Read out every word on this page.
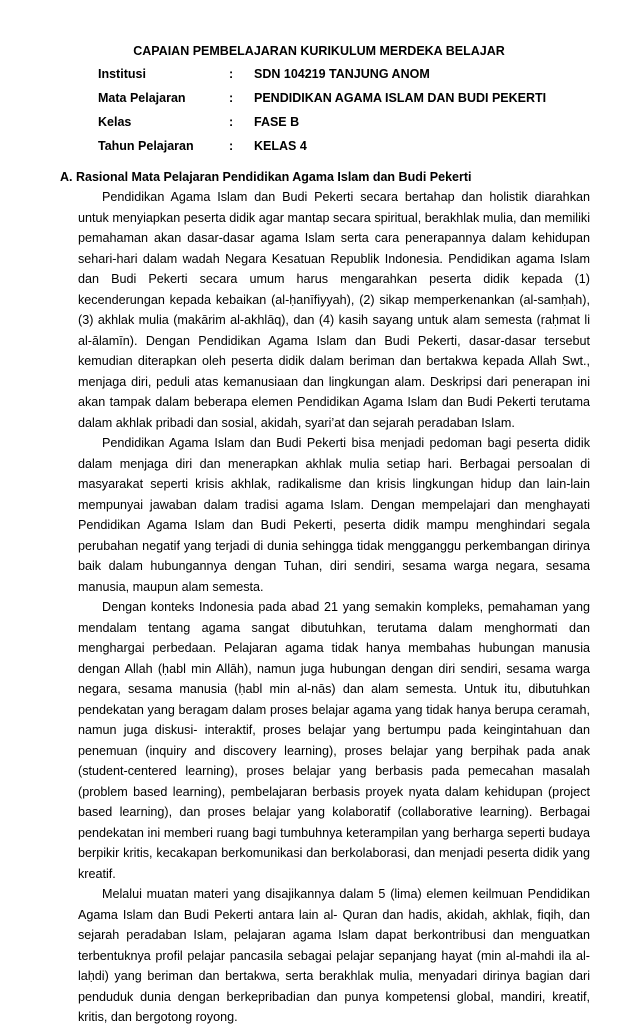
CAPAIAN PEMBELAJARAN KURIKULUM MERDEKA BELAJAR
Institusi	: SDN 104219 TANJUNG ANOM
Mata Pelajaran	: PENDIDIKAN AGAMA ISLAM DAN BUDI PEKERTI
Kelas	: FASE B
Tahun Pelajaran	: KELAS 4
A. Rasional Mata Pelajaran Pendidikan Agama Islam dan Budi Pekerti

Pendidikan Agama Islam dan Budi Pekerti secara bertahap dan holistik diarahkan untuk menyiapkan peserta didik agar mantap secara spiritual, berakhlak mulia, dan memiliki pemahaman akan dasar-dasar agama Islam serta cara penerapannya dalam kehidupan sehari-hari dalam wadah Negara Kesatuan Republik Indonesia. Pendidikan agama Islam dan Budi Pekerti secara umum harus mengarahkan peserta didik kepada (1) kecenderungan kepada kebaikan (al-ḥanīfiyyah), (2) sikap memperkenankan (al-samḥah), (3) akhlak mulia (makārim al-akhlāq), dan (4) kasih sayang untuk alam semesta (raḥmat li al-ālamīn). Dengan Pendidikan Agama Islam dan Budi Pekerti, dasar-dasar tersebut kemudian diterapkan oleh peserta didik dalam beriman dan bertakwa kepada Allah Swt., menjaga diri, peduli atas kemanusiaan dan lingkungan alam. Deskripsi dari penerapan ini akan tampak dalam beberapa elemen Pendidikan Agama Islam dan Budi Pekerti terutama dalam akhlak pribadi dan sosial, akidah, syari’at dan sejarah peradaban Islam.

Pendidikan Agama Islam dan Budi Pekerti bisa menjadi pedoman bagi peserta didik dalam menjaga diri dan menerapkan akhlak mulia setiap hari. Berbagai persoalan di masyarakat seperti krisis akhlak, radikalisme dan krisis lingkungan hidup dan lain-lain mempunyai jawaban dalam tradisi agama Islam. Dengan mempelajari dan menghayati Pendidikan Agama Islam dan Budi Pekerti, peserta didik mampu menghindari segala perubahan negatif yang terjadi di dunia sehingga tidak mengganggu perkembangan dirinya baik dalam hubungannya dengan Tuhan, diri sendiri, sesama warga negara, sesama manusia, maupun alam semesta.

Dengan konteks Indonesia pada abad 21 yang semakin kompleks, pemahaman yang mendalam tentang agama sangat dibutuhkan, terutama dalam menghormati dan menghargai perbedaan. Pelajaran agama tidak hanya membahas hubungan manusia dengan Allah (ḥabl min Allāh), namun juga hubungan dengan diri sendiri, sesama warga negara, sesama manusia (ḥabl min al-nās) dan alam semesta. Untuk itu, dibutuhkan pendekatan yang beragam dalam proses belajar agama yang tidak hanya berupa ceramah, namun juga diskusi- interaktif, proses belajar yang bertumpu pada keingintahuan dan penemuan (inquiry and discovery learning), proses belajar yang berpihak pada anak (student-centered learning), proses belajar yang berbasis pada pemecahan masalah (problem based learning), pembelajaran berbasis proyek nyata dalam kehidupan (project based learning), dan proses belajar yang kolaboratif (collaborative learning). Berbagai pendekatan ini memberi ruang bagi tumbuhnya keterampilan yang berharga seperti budaya berpikir kritis, kecakapan berkomunikasi dan berkolaborasi, dan menjadi peserta didik yang kreatif.

Melalui muatan materi yang disajikannya dalam 5 (lima) elemen keilmuan Pendidikan Agama Islam dan Budi Pekerti antara lain al- Quran dan hadis, akidah, akhlak, fiqih, dan sejarah peradaban Islam, pelajaran agama Islam dapat berkontribusi dan menguatkan terbentuknya profil pelajar pancasila sebagai pelajar sepanjang hayat (min al-mahdi ila al-laḥdi) yang beriman dan bertakwa, serta berakhlak mulia, menyadari dirinya bagian dari penduduk dunia dengan berkepribadian dan punya kompetensi global, mandiri, kreatif, kritis, dan bergotong royong.
